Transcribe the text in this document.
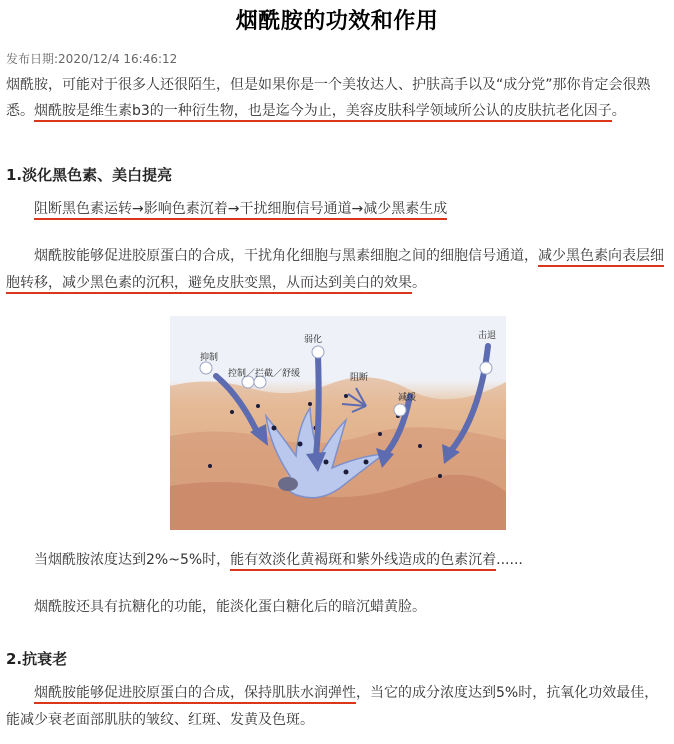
烟酰胺的功效和作用
发布日期:2020/12/4 16:46:12
烟酰胺，可能对于很多人还很陌生，但是如果你是一个美妆达人、护肤高手以及“成分党”那你肯定会很熟悉。烟酰胺是维生素b3的一种衍生物，也是迄今为止，美容皮肤科学领域所公认的皮肤抗老化因子。
1.淡化黑色素、美白提亮
阻断黑色素运转→影响色素沉着→干扰细胞信号通道→减少黑素生成
烟酰胺能够促进胶原蛋白的合成，干扰角化细胞与黑素细胞之间的细胞信号通道，减少黑色素向表层细胞转移，减少黑色素的沉积，避免皮肤变黑，从而达到美白的效果。
抑制
控制／拦截／舒缓
弱化
阻断
减缓
击退
当烟酰胺浓度达到2%~5%时，能有效淡化黄褐斑和紫外线造成的色素沉着......
烟酰胺还具有抗糖化的功能，能淡化蛋白糖化后的暗沉蜡黄脸。
2.抗衰老
烟酰胺能够促进胶原蛋白的合成，保持肌肤水润弹性，当它的成分浓度达到5%时，抗氧化功效最佳，能减少衰老面部肌肤的皱纹、红斑、发黄及色斑。
